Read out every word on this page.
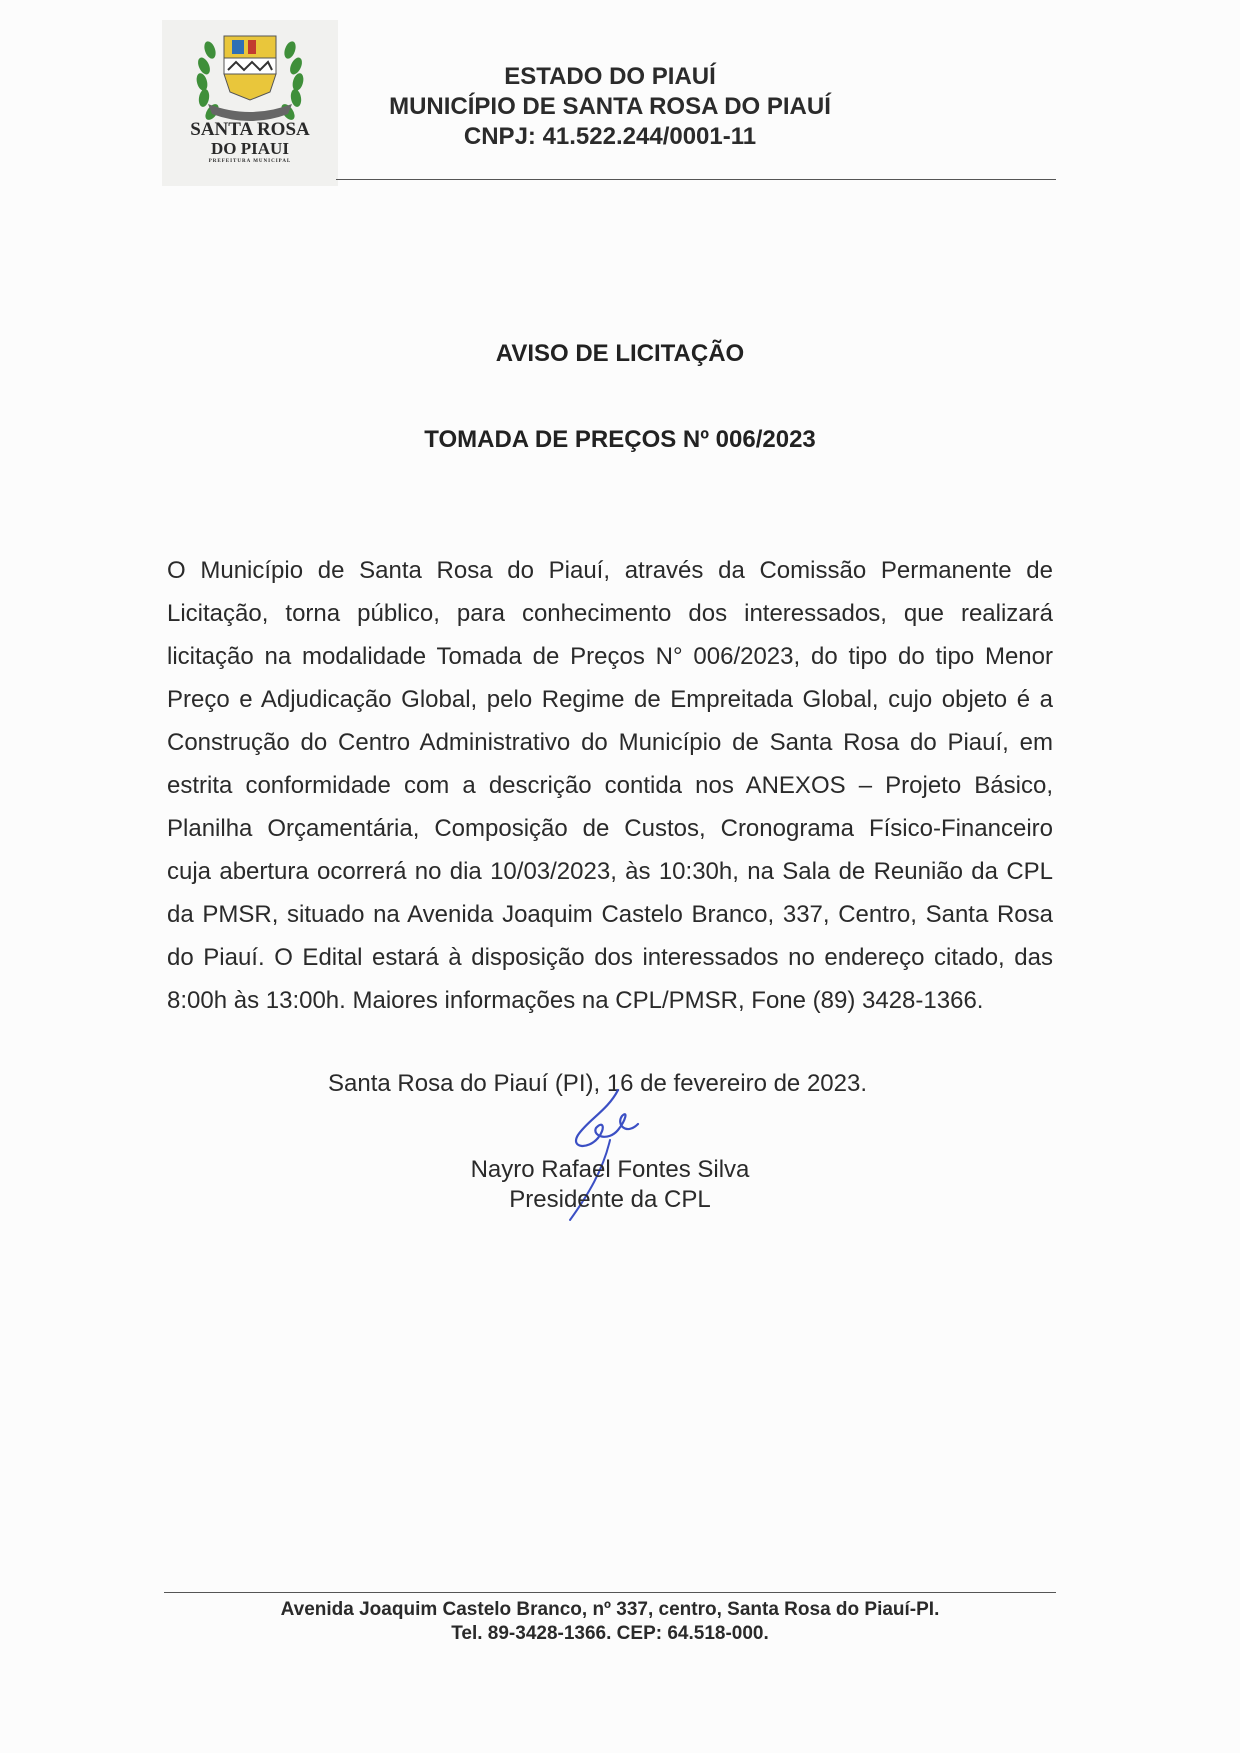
SANTA ROSA
DO PIAUI
PREFEITURA MUNICIPAL
ESTADO DO PIAUÍ
MUNICÍPIO DE SANTA ROSA DO PIAUÍ
CNPJ: 41.522.244/0001-11
AVISO DE LICITAÇÃO
TOMADA DE PREÇOS Nº 006/2023
O Município de Santa Rosa do Piauí, através da Comissão Permanente de Licitação, torna público, para conhecimento dos interessados, que realizará licitação na modalidade Tomada de Preços N° 006/2023, do tipo do tipo Menor Preço e Adjudicação Global, pelo Regime de Empreitada Global, cujo objeto é a Construção do Centro Administrativo do Município de Santa Rosa do Piauí, em estrita conformidade com a descrição contida nos ANEXOS – Projeto Básico, Planilha Orçamentária, Composição de Custos, Cronograma Físico-Financeiro cuja abertura ocorrerá no dia 10/03/2023, às 10:30h, na Sala de Reunião da CPL da PMSR, situado na Avenida Joaquim Castelo Branco, 337, Centro, Santa Rosa do Piauí. O Edital estará à disposição dos interessados no endereço citado, das 8:00h às 13:00h. Maiores informações na CPL/PMSR, Fone (89) 3428-1366.
Santa Rosa do Piauí (PI), 16 de fevereiro de 2023.
Nayro Rafael Fontes Silva
Presidente da CPL
Avenida Joaquim Castelo Branco, nº 337, centro, Santa Rosa do Piauí-PI.
Tel. 89-3428-1366. CEP: 64.518-000.
